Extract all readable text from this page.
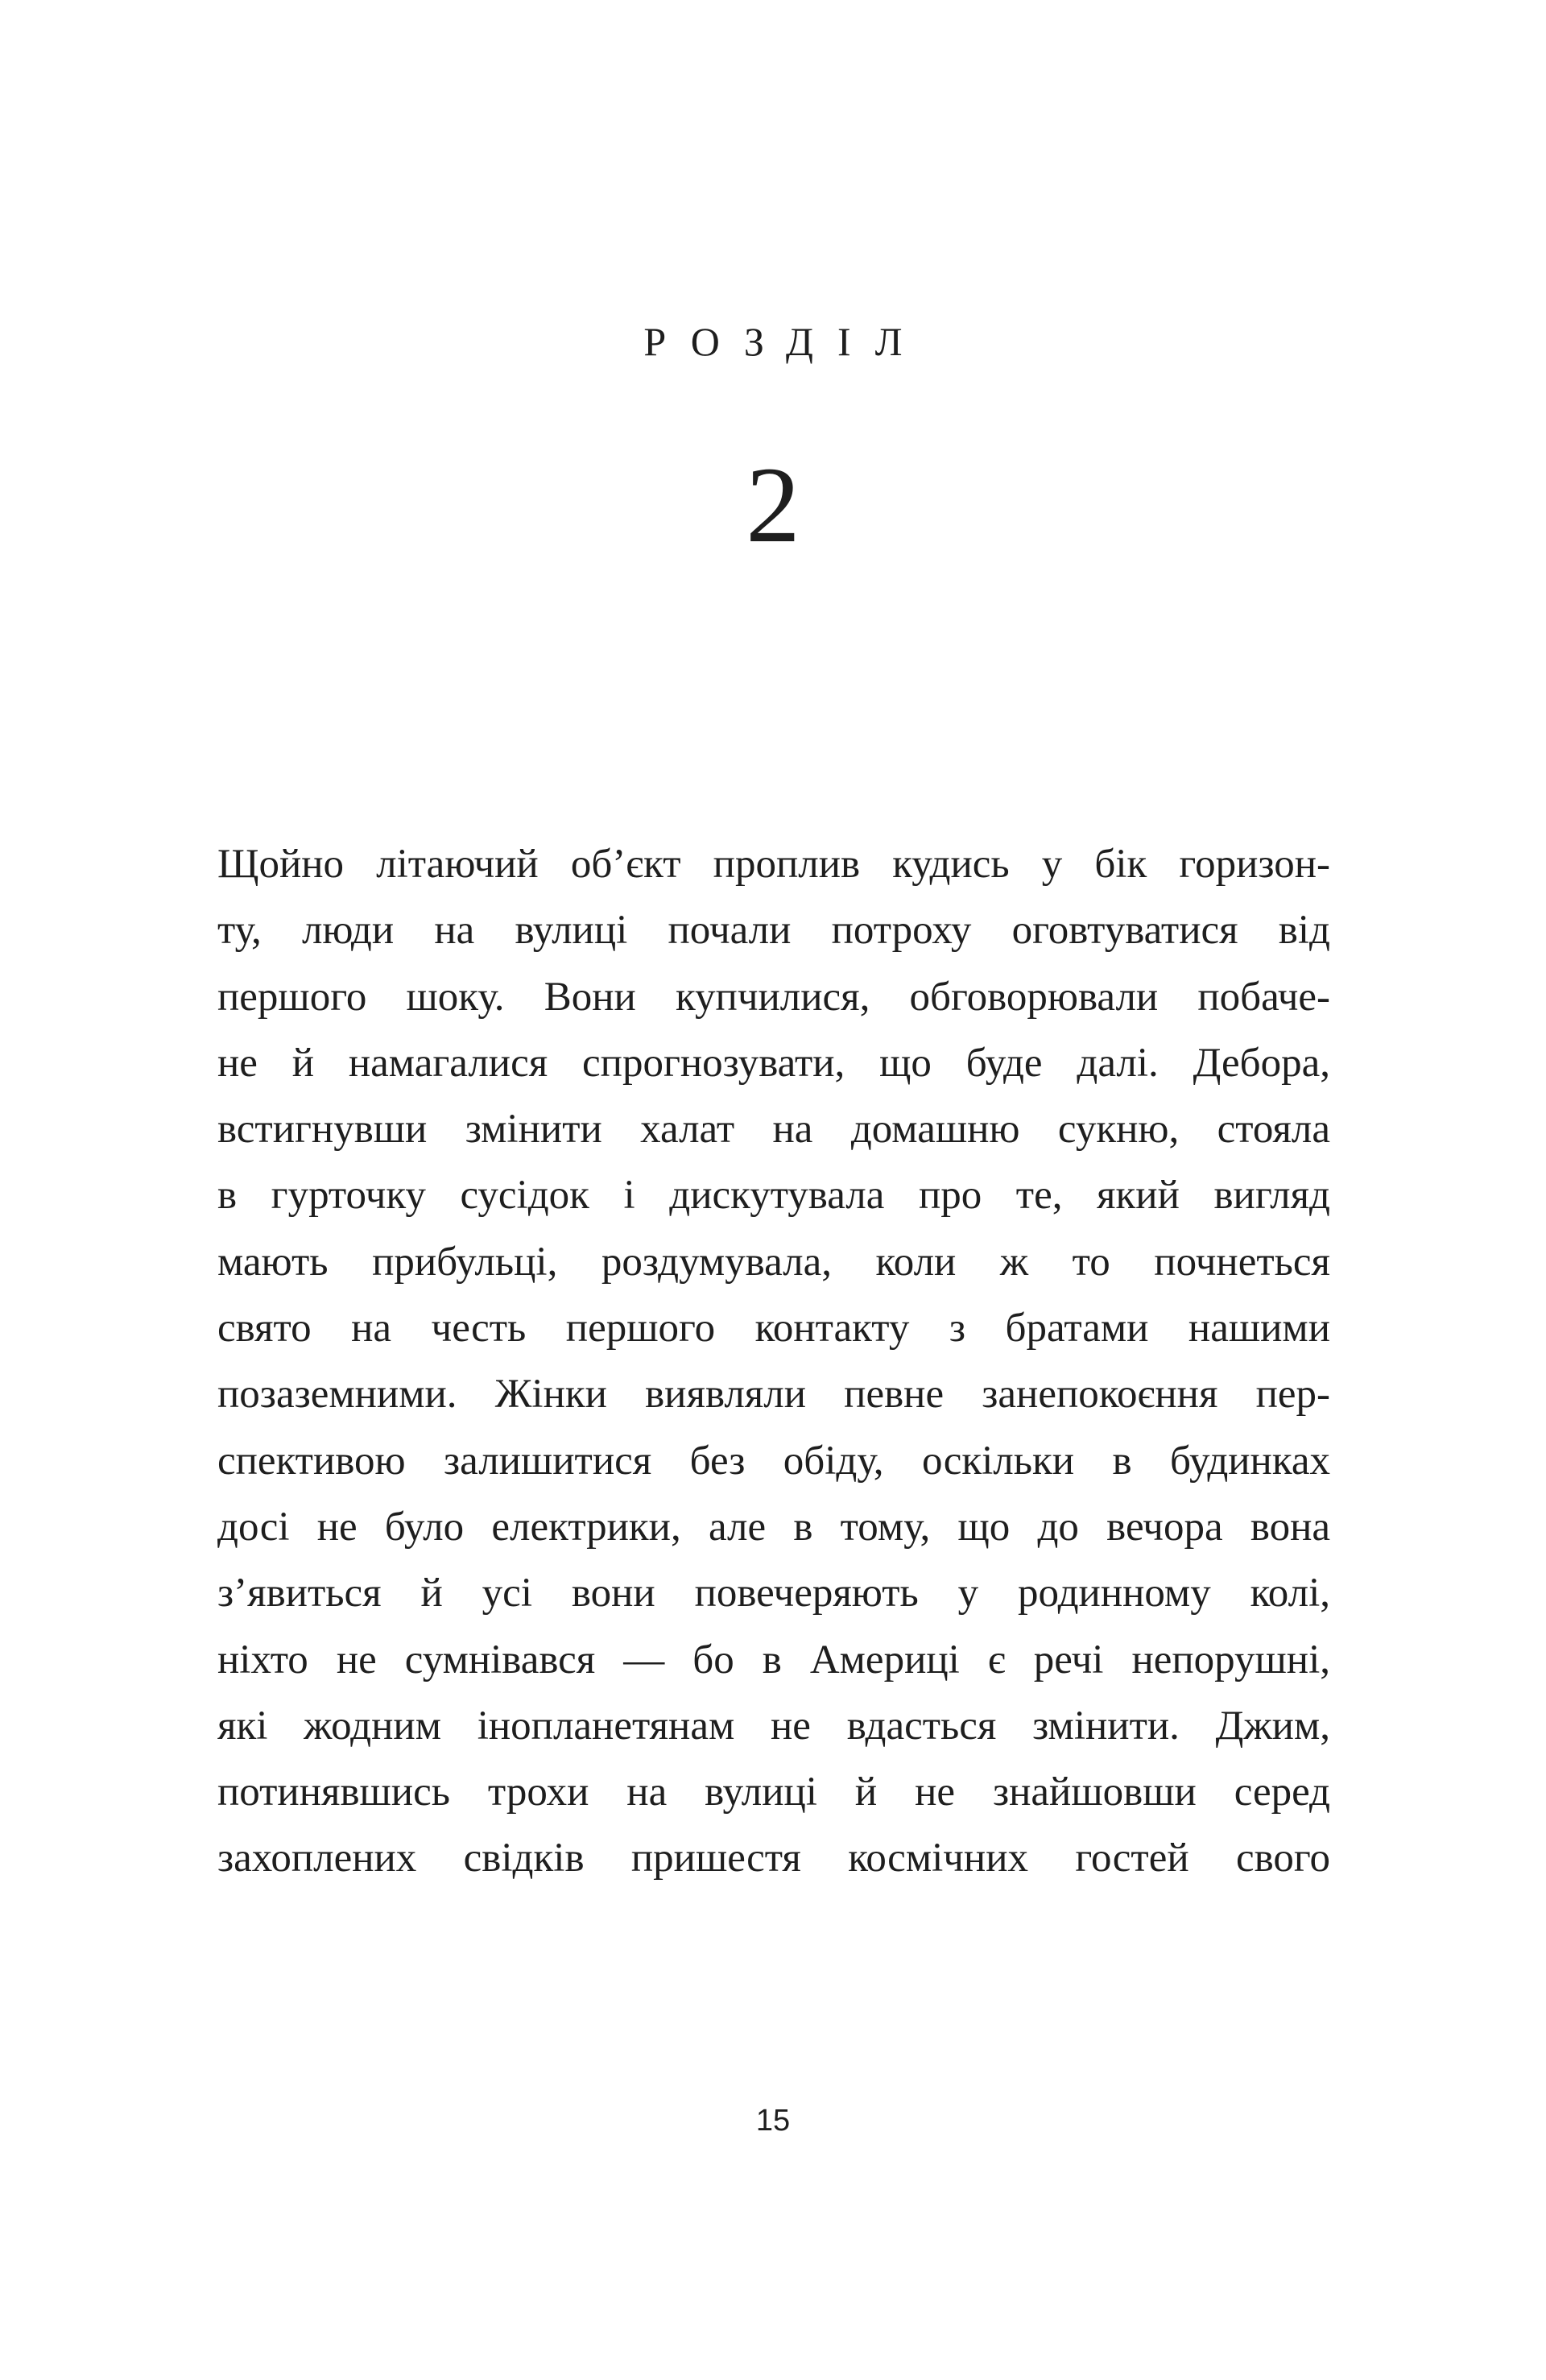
РОЗДІЛ
2
Щойно літаючий об’єкт проплив кудись у бік горизон-
ту, люди на вулиці почали потроху оговтуватися від
першого шоку. Вони купчилися, обговорювали побаче-
не й намагалися спрогнозувати, що буде далі. Дебора,
встигнувши змінити халат на домашню сукню, стояла
в гурточку сусідок і дискутувала про те, який вигляд
мають прибульці, роздумувала, коли ж то почнеться
свято на честь першого контакту з братами нашими
позаземними. Жінки виявляли певне занепокоєння пер-
спективою залишитися без обіду, оскільки в будинках
досі не було електрики, але в тому, що до вечора вона
з’явиться й усі вони повечеряють у родинному колі,
ніхто не сумнівався — бо в Америці є речі непорушні,
які жодним інопланетянам не вдасться змінити. Джим,
потинявшись трохи на вулиці й не знайшовши серед
захоплених свідків пришестя космічних гостей свого
15
